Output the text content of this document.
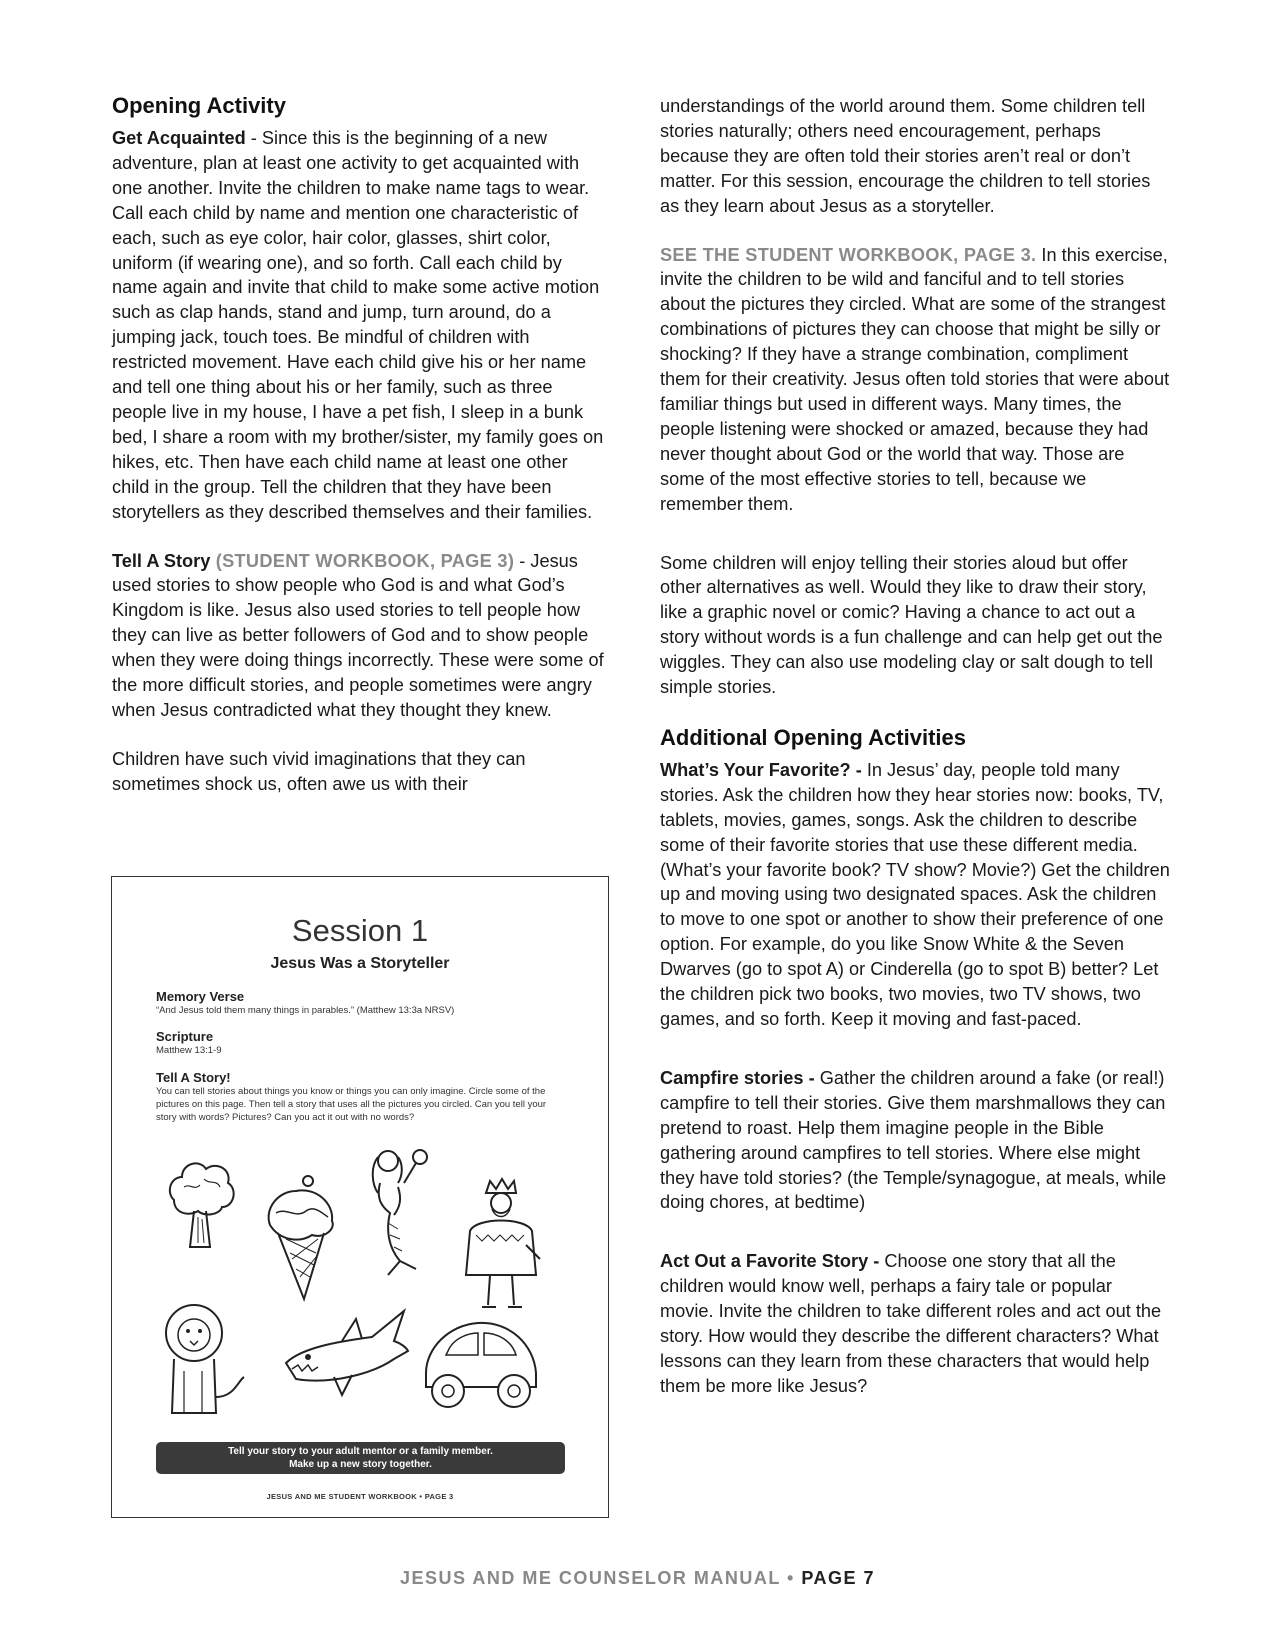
Opening Activity

Get Acquainted - Since this is the beginning of a new adventure, plan at least one activity to get acquainted with one another. Invite the children to make name tags to wear. Call each child by name and mention one characteristic of each, such as eye color, hair color, glasses, shirt color, uniform (if wearing one), and so forth. Call each child by name again and invite that child to make some active motion such as clap hands, stand and jump, turn around, do a jumping jack, touch toes. Be mindful of children with restricted movement. Have each child give his or her name and tell one thing about his or her family, such as three people live in my house, I have a pet fish, I sleep in a bunk bed, I share a room with my brother/sister, my family goes on hikes, etc. Then have each child name at least one other child in the group. Tell the children that they have been storytellers as they described themselves and their families.

Tell A Story (STUDENT WORKBOOK, PAGE 3) - Jesus used stories to show people who God is and what God’s Kingdom is like. Jesus also used stories to tell people how they can live as better followers of God and to show people when they were doing things incorrectly. These were some of the more difficult stories, and people sometimes were angry when Jesus contradicted what they thought they knew.

Children have such vivid imaginations that they can sometimes shock us, often awe us with their

Session 1
Jesus Was a Storyteller
Memory Verse
“And Jesus told them many things in parables.” (Matthew 13:3a NRSV)
Scripture
Matthew 13:1-9
Tell A Story!
You can tell stories about things you know or things you can only imagine. Circle some of the pictures on this page. Then tell a story that uses all the pictures you circled. Can you tell your story with words? Pictures? Can you act it out with no words?
Tell your story to your adult mentor or a family member.
Make up a new story together.
JESUS AND ME STUDENT WORKBOOK • PAGE 3

understandings of the world around them. Some children tell stories naturally; others need encouragement, perhaps because they are often told their stories aren’t real or don’t matter. For this session, encourage the children to tell stories as they learn about Jesus as a storyteller.

SEE THE STUDENT WORKBOOK, PAGE 3. In this exercise, invite the children to be wild and fanciful and to tell stories about the pictures they circled. What are some of the strangest combinations of pictures they can choose that might be silly or shocking? If they have a strange combination, compliment them for their creativity. Jesus often told stories that were about familiar things but used in different ways. Many times, the people listening were shocked or amazed, because they had never thought about God or the world that way. Those are some of the most effective stories to tell, because we remember them.

Some children will enjoy telling their stories aloud but offer other alternatives as well. Would they like to draw their story, like a graphic novel or comic? Having a chance to act out a story without words is a fun challenge and can help get out the wiggles. They can also use modeling clay or salt dough to tell simple stories.

Additional Opening Activities

What’s Your Favorite? - In Jesus’ day, people told many stories. Ask the children how they hear stories now: books, TV, tablets, movies, games, songs. Ask the children to describe some of their favorite stories that use these different media. (What’s your favorite book? TV show? Movie?) Get the children up and moving using two designated spaces. Ask the children to move to one spot or another to show their preference of one option. For example, do you like Snow White & the Seven Dwarves (go to spot A) or Cinderella (go to spot B) better? Let the children pick two books, two movies, two TV shows, two games, and so forth. Keep it moving and fast-paced.

Campfire stories - Gather the children around a fake (or real!) campfire to tell their stories. Give them marshmallows they can pretend to roast. Help them imagine people in the Bible gathering around campfires to tell stories. Where else might they have told stories? (the Temple/synagogue, at meals, while doing chores, at bedtime)

Act Out a Favorite Story - Choose one story that all the children would know well, perhaps a fairy tale or popular movie. Invite the children to take different roles and act out the story. How would they describe the different characters? What lessons can they learn from these characters that would help them be more like Jesus?

JESUS AND ME COUNSELOR MANUAL • PAGE 7
